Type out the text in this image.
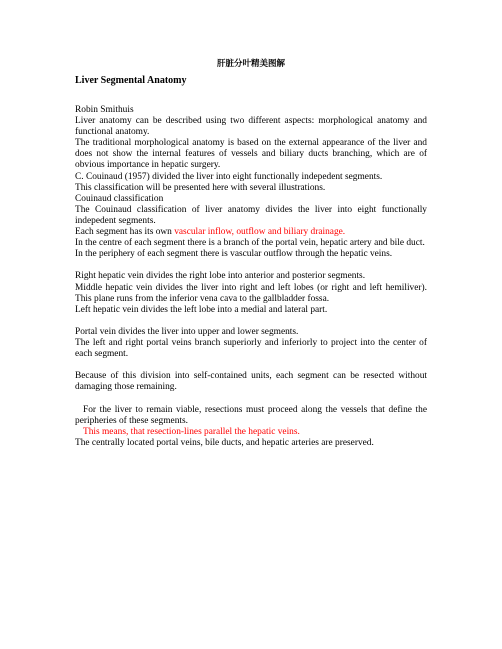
肝脏分叶精美图解
Liver Segmental Anatomy

Robin Smithuis

Liver anatomy can be described using two different aspects: morphological anatomy and functional anatomy.

The traditional morphological anatomy is based on the external appearance of the liver and does not show the internal features of vessels and biliary ducts branching, which are of obvious importance in hepatic surgery.

C. Couinaud (1957) divided the liver into eight functionally indepedent segments.

This classification will be presented here with several illustrations.

Couinaud classification

The Couinaud classification of liver anatomy divides the liver into eight functionally indepedent segments.

Each segment has its own vascular inflow, outflow and biliary drainage.

In the centre of each segment there is a branch of the portal vein, hepatic artery and bile duct.

In the periphery of each segment there is vascular outflow through the hepatic veins.

Right hepatic vein divides the right lobe into anterior and posterior segments.

Middle hepatic vein divides the liver into right and left lobes (or right and left hemiliver). This plane runs from the inferior vena cava to the gallbladder fossa.

Left hepatic vein divides the left lobe into a medial and lateral part.

Portal vein divides the liver into upper and lower segments.

The left and right portal veins branch superiorly and inferiorly to project into the center of each segment.

Because of this division into self-contained units, each segment can be resected without damaging those remaining.

For the liver to remain viable, resections must proceed along the vessels that define the peripheries of these segments.

This means, that resection-lines parallel the hepatic veins.

The centrally located portal veins, bile ducts, and hepatic arteries are preserved.
